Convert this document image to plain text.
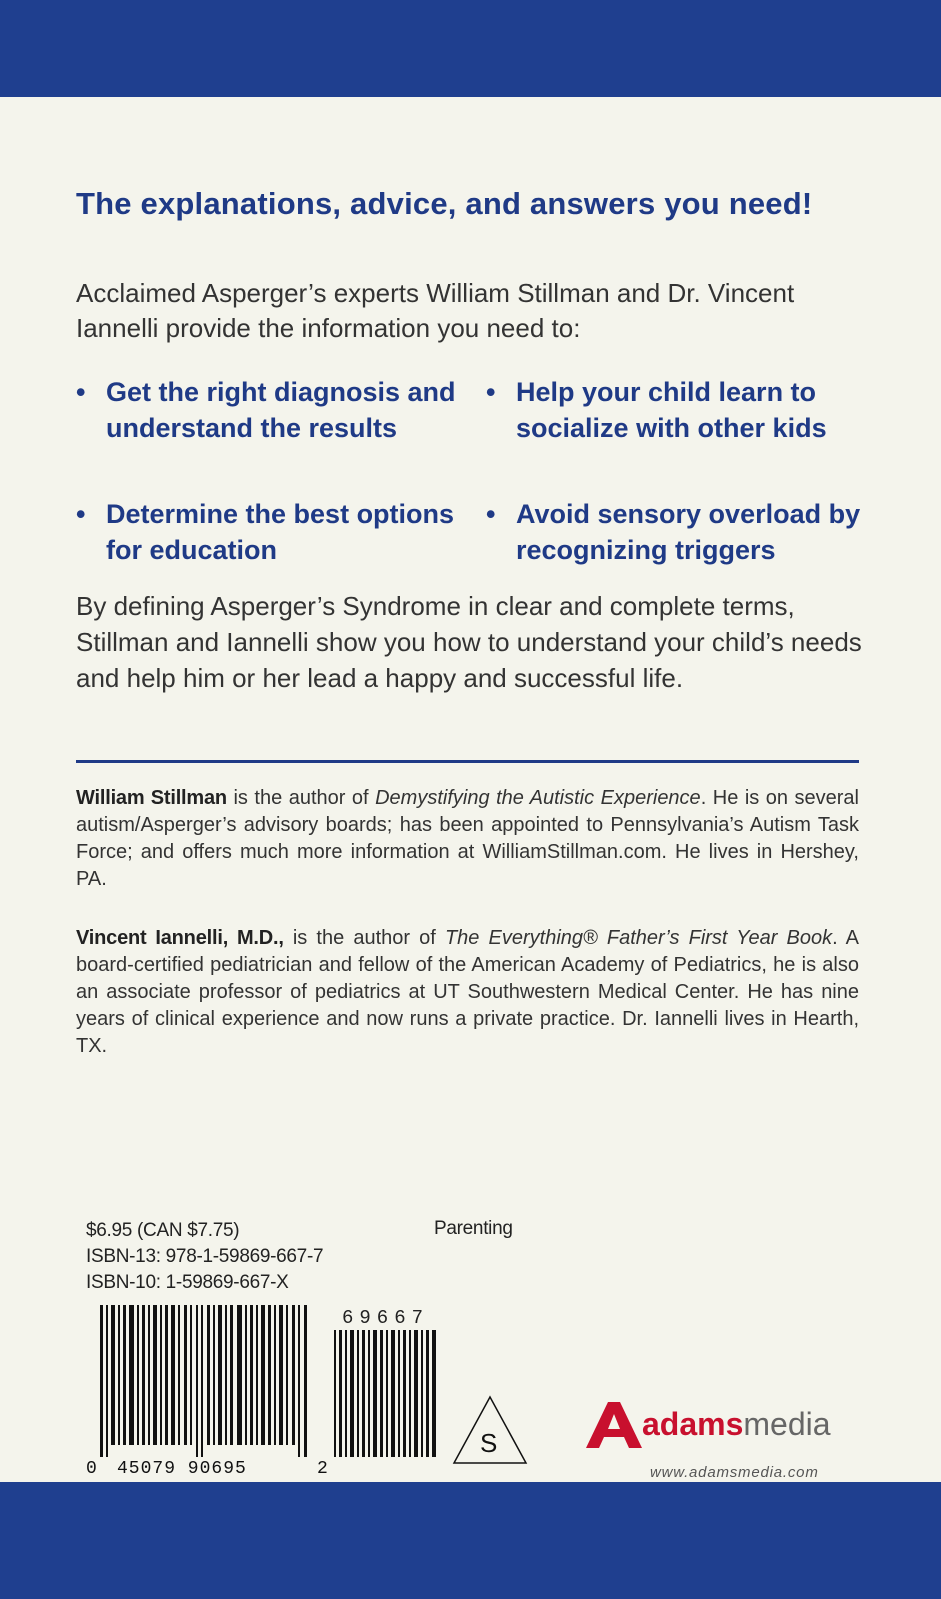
The explanations, advice, and answers you need!
Acclaimed Asperger’s experts William Stillman and Dr. Vincent Iannelli provide the information you need to:
• Get the right diagnosis and understand the results
• Help your child learn to socialize with other kids
• Determine the best options for education
• Avoid sensory overload by recognizing triggers
By defining Asperger’s Syndrome in clear and complete terms, Stillman and Iannelli show you how to understand your child’s needs and help him or her lead a happy and successful life.
William Stillman is the author of Demystifying the Autistic Experience. He is on several autism/Asperger’s advisory boards; has been appointed to Pennsylvania’s Autism Task Force; and offers much more information at WilliamStillman.com. He lives in Hershey, PA.
Vincent Iannelli, M.D., is the author of The Everything® Father’s First Year Book. A board-certified pediatrician and fellow of the American Academy of Pediatrics, he is also an associate professor of pediatrics at UT Southwestern Medical Center. He has nine years of clinical experience and now runs a private practice. Dr. Iannelli lives in Hearth, TX.
$6.95 (CAN $7.75)
ISBN-13: 978-1-59869-667-7
ISBN-10: 1-59869-667-X
Parenting
69667
0 45079 90695	2
S
adamsmedia
www.adamsmedia.com
